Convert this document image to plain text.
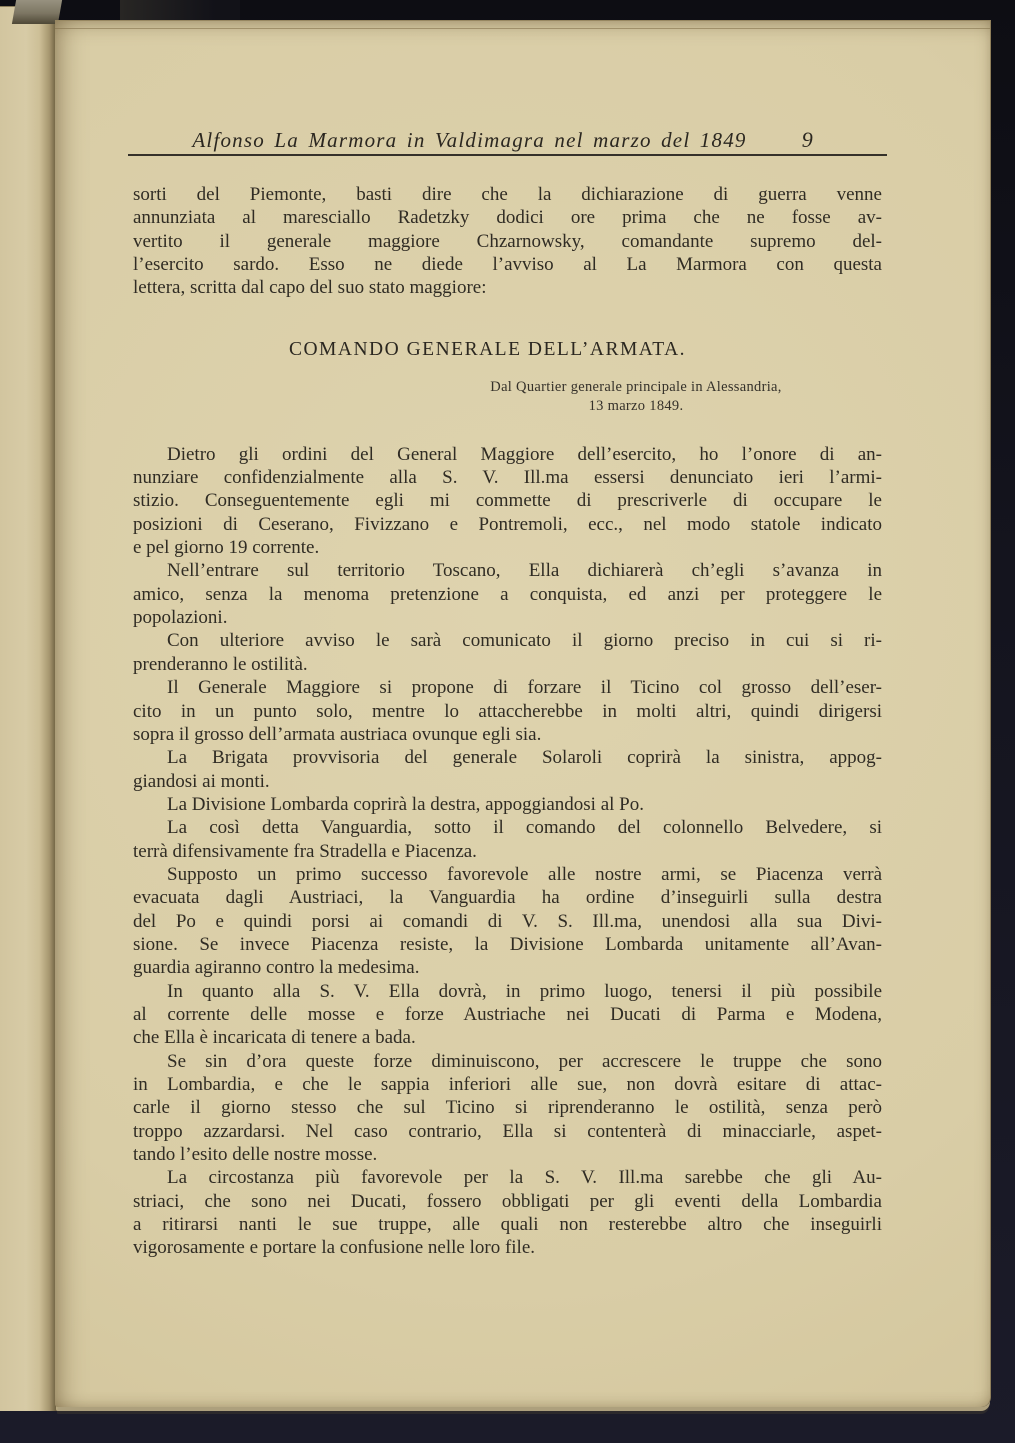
Alfonso La Marmora in Valdimagra nel marzo del 1849	9

sorti del Piemonte, basti dire che la dichiarazione di guerra venne
annunziata al maresciallo Radetzky dodici ore prima che ne fosse av-
vertito il generale maggiore Chzarnowsky, comandante supremo del-
l’esercito sardo. Esso ne diede l’avviso al La Marmora con questa
lettera, scritta dal capo del suo stato maggiore:

COMANDO GENERALE DELL’ARMATA.
Dal Quartier generale principale in Alessandria,
13 marzo 1849.

Dietro gli ordini del General Maggiore dell’esercito, ho l’onore di an-
nunziare confidenzialmente alla S. V. Ill.ma essersi denunciato ieri l’armi-
stizio. Conseguentemente egli mi commette di prescriverle di occupare le
posizioni di Ceserano, Fivizzano e Pontremoli, ecc., nel modo statole indicato
e pel giorno 19 corrente.

Nell’entrare sul territorio Toscano, Ella dichiarerà ch’egli s’avanza in
amico, senza la menoma pretenzione a conquista, ed anzi per proteggere le
popolazioni.

Con ulteriore avviso le sarà comunicato il giorno preciso in cui si ri-
prenderanno le ostilità.

Il Generale Maggiore si propone di forzare il Ticino col grosso dell’eser-
cito in un punto solo, mentre lo attaccherebbe in molti altri, quindi dirigersi
sopra il grosso dell’armata austriaca ovunque egli sia.

La Brigata provvisoria del generale Solaroli coprirà la sinistra, appog-
giandosi ai monti.

La Divisione Lombarda coprirà la destra, appoggiandosi al Po.

La così detta Vanguardia, sotto il comando del colonnello Belvedere, si
terrà difensivamente fra Stradella e Piacenza.

Supposto un primo successo favorevole alle nostre armi, se Piacenza verrà
evacuata dagli Austriaci, la Vanguardia ha ordine d’inseguirli sulla destra
del Po e quindi porsi ai comandi di V. S. Ill.ma, unendosi alla sua Divi-
sione. Se invece Piacenza resiste, la Divisione Lombarda unitamente all’Avan-
guardia agiranno contro la medesima.

In quanto alla S. V. Ella dovrà, in primo luogo, tenersi il più possibile
al corrente delle mosse e forze Austriache nei Ducati di Parma e Modena,
che Ella è incaricata di tenere a bada.

Se sin d’ora queste forze diminuiscono, per accrescere le truppe che sono
in Lombardia, e che le sappia inferiori alle sue, non dovrà esitare di attac-
carle il giorno stesso che sul Ticino si riprenderanno le ostilità, senza però
troppo azzardarsi. Nel caso contrario, Ella si contenterà di minacciarle, aspet-
tando l’esito delle nostre mosse.

La circostanza più favorevole per la S. V. Ill.ma sarebbe che gli Au-
striaci, che sono nei Ducati, fossero obbligati per gli eventi della Lombardia
a ritirarsi nanti le sue truppe, alle quali non resterebbe altro che inseguirli
vigorosamente e portare la confusione nelle loro file.
